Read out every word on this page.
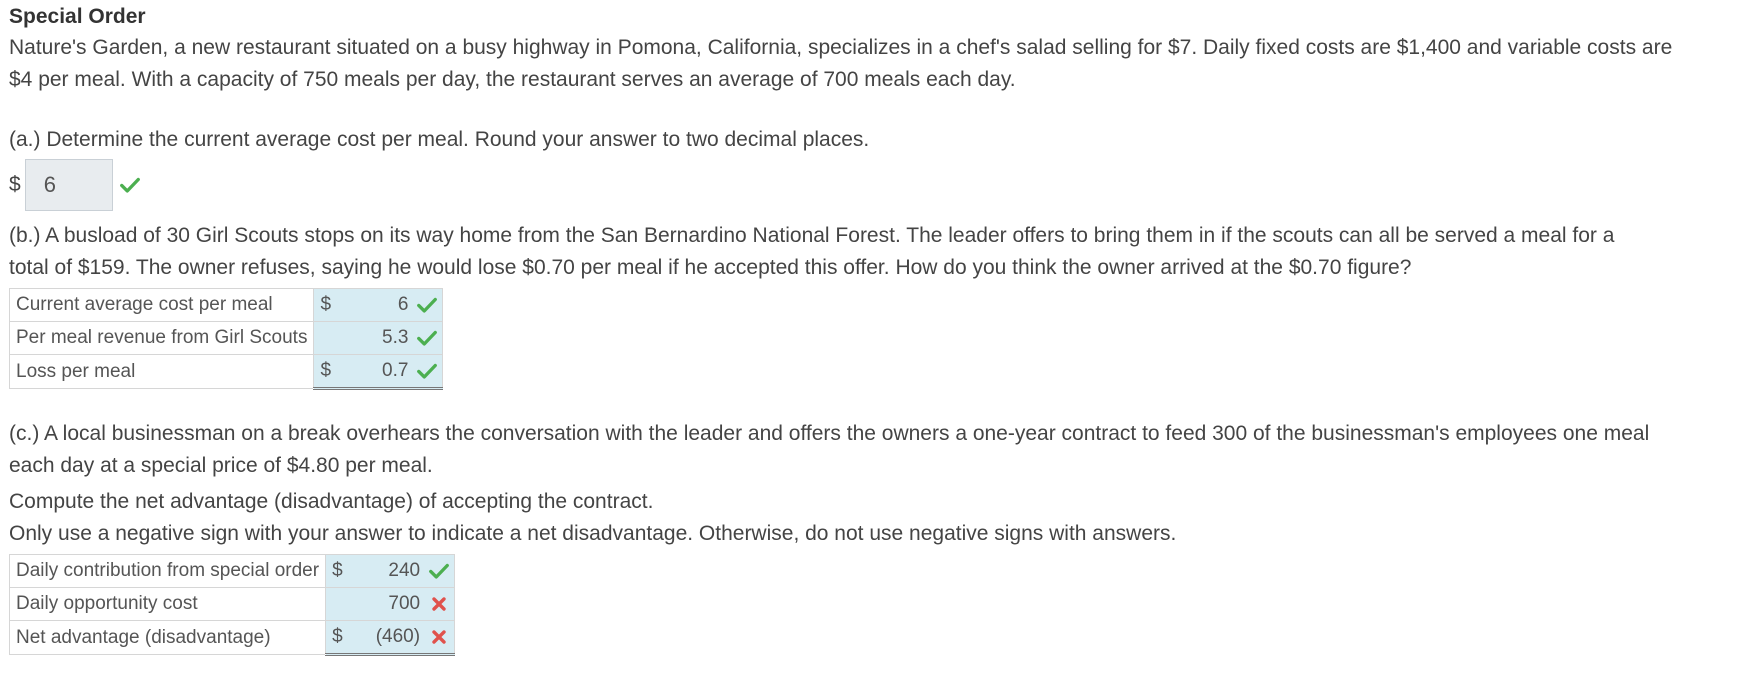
Special Order

Nature's Garden, a new restaurant situated on a busy highway in Pomona, California, specializes in a chef's salad selling for $7. Daily fixed costs are $1,400 and variable costs are

$4 per meal. With a capacity of 750 meals per day, the restaurant serves an average of 700 meals each day.

(a.) Determine the current average cost per meal. Round your answer to two decimal places.

$	6

(b.) A busload of 30 Girl Scouts stops on its way home from the San Bernardino National Forest. The leader offers to bring them in if the scouts can all be served a meal for a

total of $159. The owner refuses, saying he would lose $0.70 per meal if he accepted this offer. How do you think the owner arrived at the $0.70 figure?

Current average cost per meal	$ 6

Per meal revenue from Girl Scouts	5.3

Loss per meal	$ 0.7

(c.) A local businessman on a break overhears the conversation with the leader and offers the owners a one-year contract to feed 300 of the businessman's employees one meal

each day at a special price of $4.80 per meal.

Compute the net advantage (disadvantage) of accepting the contract.

Only use a negative sign with your answer to indicate a net disadvantage. Otherwise, do not use negative signs with answers.

Daily contribution from special order	$ 240

Daily opportunity cost	700

Net advantage (disadvantage)	$ (460)
